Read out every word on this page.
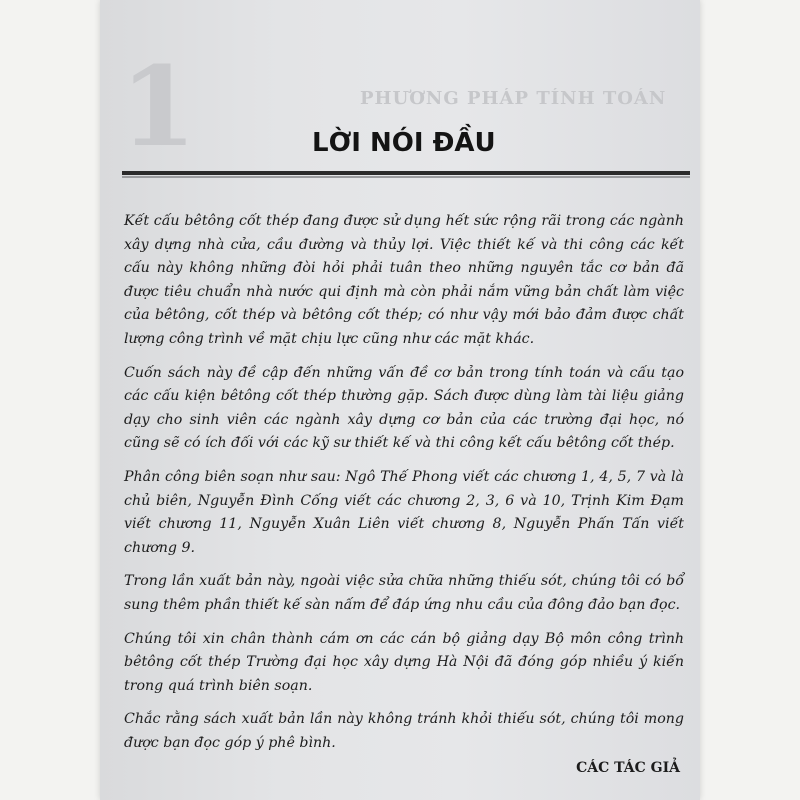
1	PHƯƠNG PHÁP TÍNH TOÁN
LỜI NÓI ĐẦU

Kết cấu bêtông cốt thép đang được sử dụng hết sức rộng rãi trong các ngành xây dựng nhà cửa, cầu đường và thủy lợi. Việc thiết kế và thi công các kết cấu này không những đòi hỏi phải tuân theo những nguyên tắc cơ bản đã được tiêu chuẩn nhà nước qui định mà còn phải nắm vững bản chất làm việc của bêtông, cốt thép và bêtông cốt thép; có như vậy mới bảo đảm được chất lượng công trình về mặt chịu lực cũng như các mặt khác.

Cuốn sách này đề cập đến những vấn đề cơ bản trong tính toán và cấu tạo các cấu kiện bêtông cốt thép thường gặp. Sách được dùng làm tài liệu giảng dạy cho sinh viên các ngành xây dựng cơ bản của các trường đại học, nó cũng sẽ có ích đối với các kỹ sư thiết kế và thi công kết cấu bêtông cốt thép.

Phân công biên soạn như sau: Ngô Thế Phong viết các chương 1, 4, 5, 7 và là chủ biên, Nguyễn Đình Cống viết các chương 2, 3, 6 và 10, Trịnh Kim Đạm viết chương 11, Nguyễn Xuân Liên viết chương 8, Nguyễn Phấn Tấn viết chương 9.

Trong lần xuất bản này, ngoài việc sửa chữa những thiếu sót, chúng tôi có bổ sung thêm phần thiết kế sàn nấm để đáp ứng nhu cầu của đông đảo bạn đọc.

Chúng tôi xin chân thành cám ơn các cán bộ giảng dạy Bộ môn công trình bêtông cốt thép Trường đại học xây dựng Hà Nội đã đóng góp nhiều ý kiến trong quá trình biên soạn.

Chắc rằng sách xuất bản lần này không tránh khỏi thiếu sót, chúng tôi mong được bạn đọc góp ý phê bình.

CÁC TÁC GIẢ
